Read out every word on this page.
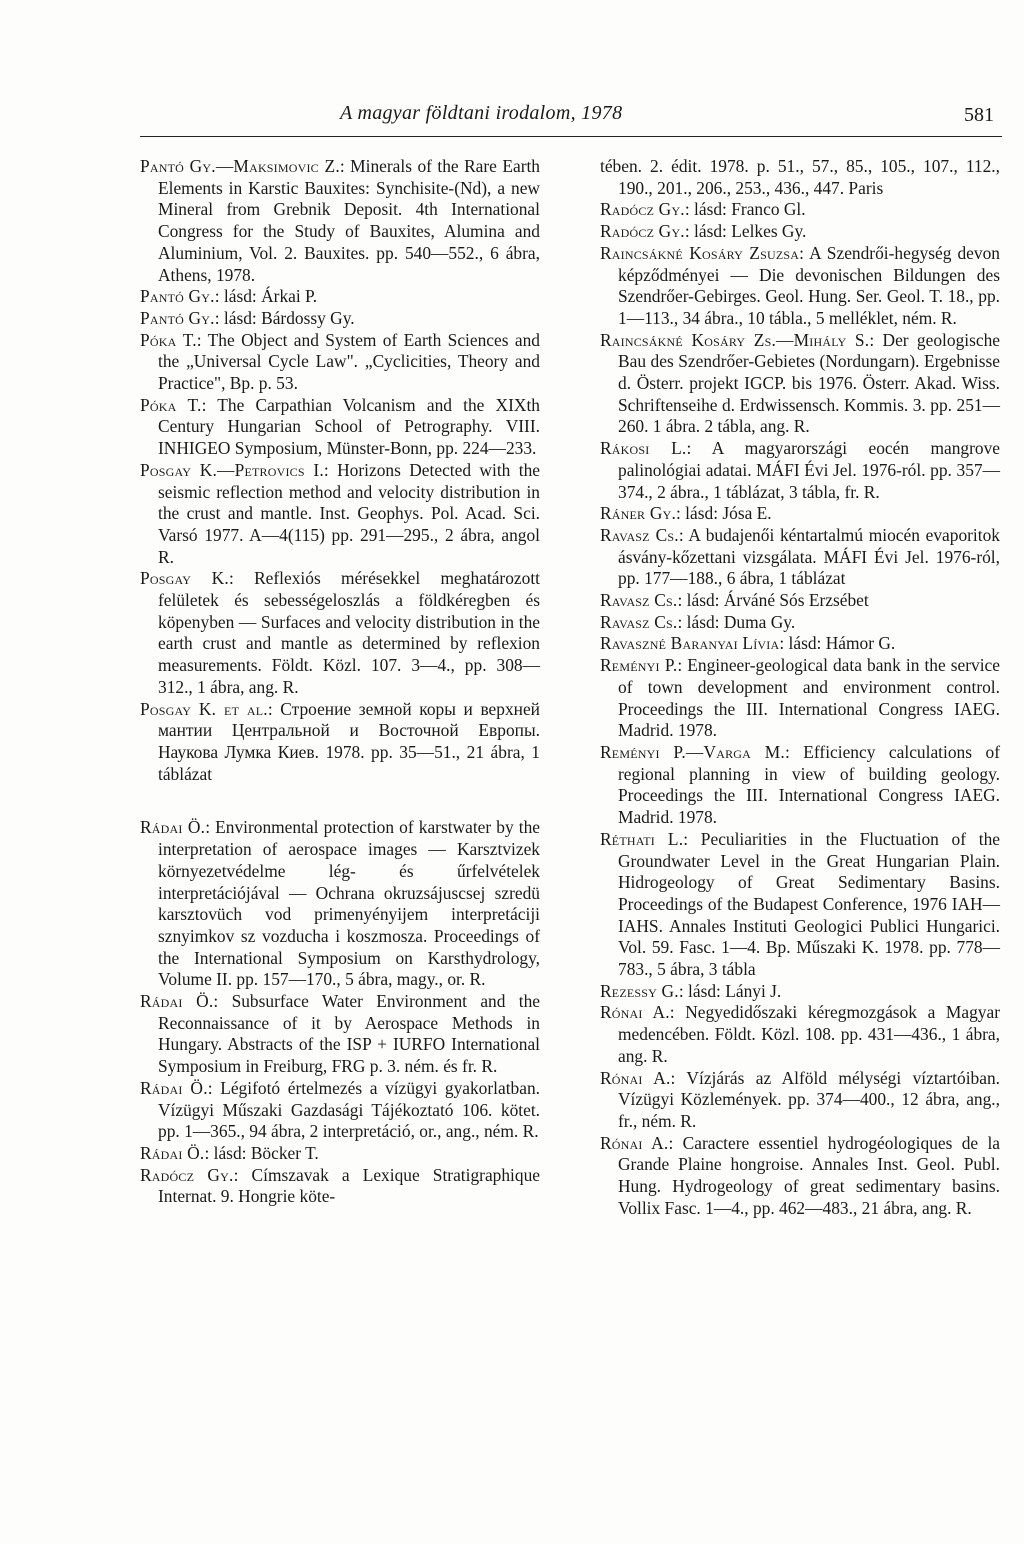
A magyar földtani irodalom, 1978	581

Pantó Gy.—Maksimovic Z.: Minerals of the Rare Earth Elements in Karstic Bauxites: Synchisite-(Nd), a new Mineral from Grebnik Deposit. 4th International Congress for the Study of Bauxites, Alumina and Aluminium, Vol. 2. Bauxites. pp. 540—552., 6 ábra, Athens, 1978.

Pantó Gy.: lásd: Árkai P.

Pantó Gy.: lásd: Bárdossy Gy.

Póka T.: The Object and System of Earth Sciences and the „Universal Cycle Law". „Cyclicities, Theory and Practice", Bp. p. 53.

Póka T.: The Carpathian Volcanism and the XIXth Century Hungarian School of Petrography. VIII. INHIGEO Symposium, Münster-Bonn, pp. 224—233.

Posgay K.—Petrovics I.: Horizons Detected with the seismic reflection method and velocity distribution in the crust and mantle. Inst. Geophys. Pol. Acad. Sci. Varsó 1977. A—4(115) pp. 291—295., 2 ábra, angol R.

Posgay K.: Reflexiós mérésekkel meghatározott felületek és sebességeloszlás a földkéregben és köpenyben — Surfaces and velocity distribution in the earth crust and mantle as determined by reflexion measurements. Földt. Közl. 107. 3—4., pp. 308—312., 1 ábra, ang. R.

Posgay K. et al.: Строение земной коры и верхней мантии Центральной и Восточной Европы. Наукова Лумка Киев. 1978. pp. 35—51., 21 ábra, 1 táblázat

Rádai Ö.: Environmental protection of karstwater by the interpretation of aerospace images — Karsztvizek környezetvédelme lég- és űrfelvételek interpretációjával — Ochrana okruzsájuscsej szredü karsztovüch vod primenyényijem interpretáciji sznyimkov sz vozducha i koszmosza. Proceedings of the International Symposium on Karsthydrology, Volume II. pp. 157—170., 5 ábra, magy., or. R.

Rádai Ö.: Subsurface Water Environment and the Reconnaissance of it by Aerospace Methods in Hungary. Abstracts of the ISP + IURFO International Symposium in Freiburg, FRG p. 3. ném. és fr. R.

Rádai Ö.: Légifotó értelmezés a vízügyi gyakorlatban. Vízügyi Műszaki Gazdasági Tájékoztató 106. kötet. pp. 1—365., 94 ábra, 2 interpretáció, or., ang., ném. R.

Rádai Ö.: lásd: Böcker T.

Radócz Gy.: Címszavak a Lexique Stratigraphique Internat. 9. Hongrie köte-

tében. 2. édit. 1978. p. 51., 57., 85., 105., 107., 112., 190., 201., 206., 253., 436., 447. Paris

Radócz Gy.: lásd: Franco Gl.

Radócz Gy.: lásd: Lelkes Gy.

Raincsákné Kosáry Zsuzsa: A Szendrői-hegység devon képződményei — Die devonischen Bildungen des Szendrőer-Gebirges. Geol. Hung. Ser. Geol. T. 18., pp. 1—113., 34 ábra., 10 tábla., 5 melléklet, ném. R.

Raincsákné Kosáry Zs.—Mihály S.: Der geologische Bau des Szendrőer-Gebietes (Nordungarn). Ergebnisse d. Österr. projekt IGCP. bis 1976. Österr. Akad. Wiss. Schriftenseihe d. Erdwissensch. Kommis. 3. pp. 251—260. 1 ábra. 2 tábla, ang. R.

Rákosi L.: A magyarországi eocén mangrove palinológiai adatai. MÁFI Évi Jel. 1976-ról. pp. 357—374., 2 ábra., 1 táblázat, 3 tábla, fr. R.

Ráner Gy.: lásd: Jósa E.

Ravasz Cs.: A budajenői kéntartalmú miocén evaporitok ásvány-kőzettani vizsgálata. MÁFI Évi Jel. 1976-ról, pp. 177—188., 6 ábra, 1 táblázat

Ravasz Cs.: lásd: Árváné Sós Erzsébet

Ravasz Cs.: lásd: Duma Gy.

Ravaszné Baranyai Lívia: lásd: Hámor G.

Reményi P.: Engineer-geological data bank in the service of town development and environment control. Proceedings the III. International Congress IAEG. Madrid. 1978.

Reményi P.—Varga M.: Efficiency calculations of regional planning in view of building geology. Proceedings the III. International Congress IAEG. Madrid. 1978.

Réthati L.: Peculiarities in the Fluctuation of the Groundwater Level in the Great Hungarian Plain. Hidrogeology of Great Sedimentary Basins. Proceedings of the Budapest Conference, 1976 IAH—IAHS. Annales Instituti Geologici Publici Hungarici. Vol. 59. Fasc. 1—4. Bp. Műszaki K. 1978. pp. 778—783., 5 ábra, 3 tábla

Rezessy G.: lásd: Lányi J.

Rónai A.: Negyedidőszaki kéregmozgások a Magyar medencében. Földt. Közl. 108. pp. 431—436., 1 ábra, ang. R.

Rónai A.: Vízjárás az Alföld mélységi víztartóiban. Vízügyi Közlemények. pp. 374—400., 12 ábra, ang., fr., ném. R.

Rónai A.: Caractere essentiel hydrogéologiques de la Grande Plaine hongroise. Annales Inst. Geol. Publ. Hung. Hydrogeology of great sedimentary basins. Vollix Fasc. 1—4., pp. 462—483., 21 ábra, ang. R.
